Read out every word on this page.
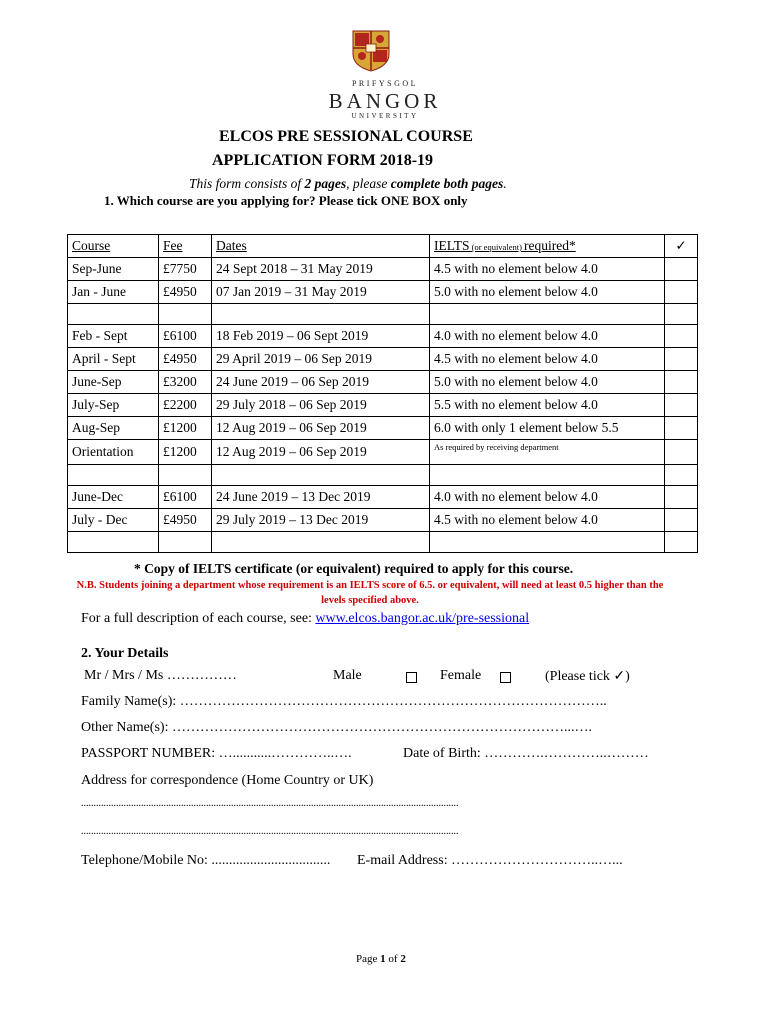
PRIFYSGOL
BANGOR
UNIVERSITY
ELCOS PRE SESSIONAL COURSE
APPLICATION FORM 2018-19
This form consists of 2 pages, please complete both pages.
1. Which course are you applying for? Please tick ONE BOX only
Course	Fee	Dates	IELTS (or equivalent) required*	✓
Sep-June	£7750	24 Sept 2018 – 31 May 2019	4.5 with no element below 4.0	
Jan - June	£4950	07 Jan 2019 – 31 May 2019	5.0 with no element below 4.0	

Feb - Sept	£6100	18 Feb 2019 – 06 Sept 2019	4.0 with no element below 4.0	
April - Sept	£4950	29 April 2019 – 06 Sep 2019	4.5 with no element below 4.0	
June-Sep	£3200	24 June 2019 – 06 Sep 2019	5.0 with no element below 4.0	
July-Sep	£2200	29 July 2018 – 06 Sep 2019	5.5 with no element below 4.0	
Aug-Sep	£1200	12 Aug 2019 – 06 Sep 2019	6.0 with only 1 element below 5.5	
Orientation	£1200	12 Aug 2019 – 06 Sep 2019	As required by receiving department	

June-Dec	£6100	24 June 2019 – 13 Dec 2019	4.0 with no element below 4.0	
July - Dec	£4950	29 July 2019 – 13 Dec 2019	4.5 with no element below 4.0	

* Copy of IELTS certificate (or equivalent) required to apply for this course.
N.B. Students joining a department whose requirement is an IELTS score of 6.5. or equivalent, will need at least 0.5 higher than the levels specified above.
For a full description of each course, see: www.elcos.bangor.ac.uk/pre-sessional
2. Your Details
Mr / Mrs / Ms ……………	Male	Female	(Please tick ✓)
Family Name(s): ………………………………………………………………………………..
Other Name(s): …………………………………………………………………………...….
PASSPORT NUMBER: …...........…………..….	Date of Birth: ………….…………..………
Address for correspondence (Home Country or UK)
.......................................................................................................................................................
.......................................................................................................................................................
Telephone/Mobile No: .................................. E-mail Address: …………………………..…...
Page 1 of 2
